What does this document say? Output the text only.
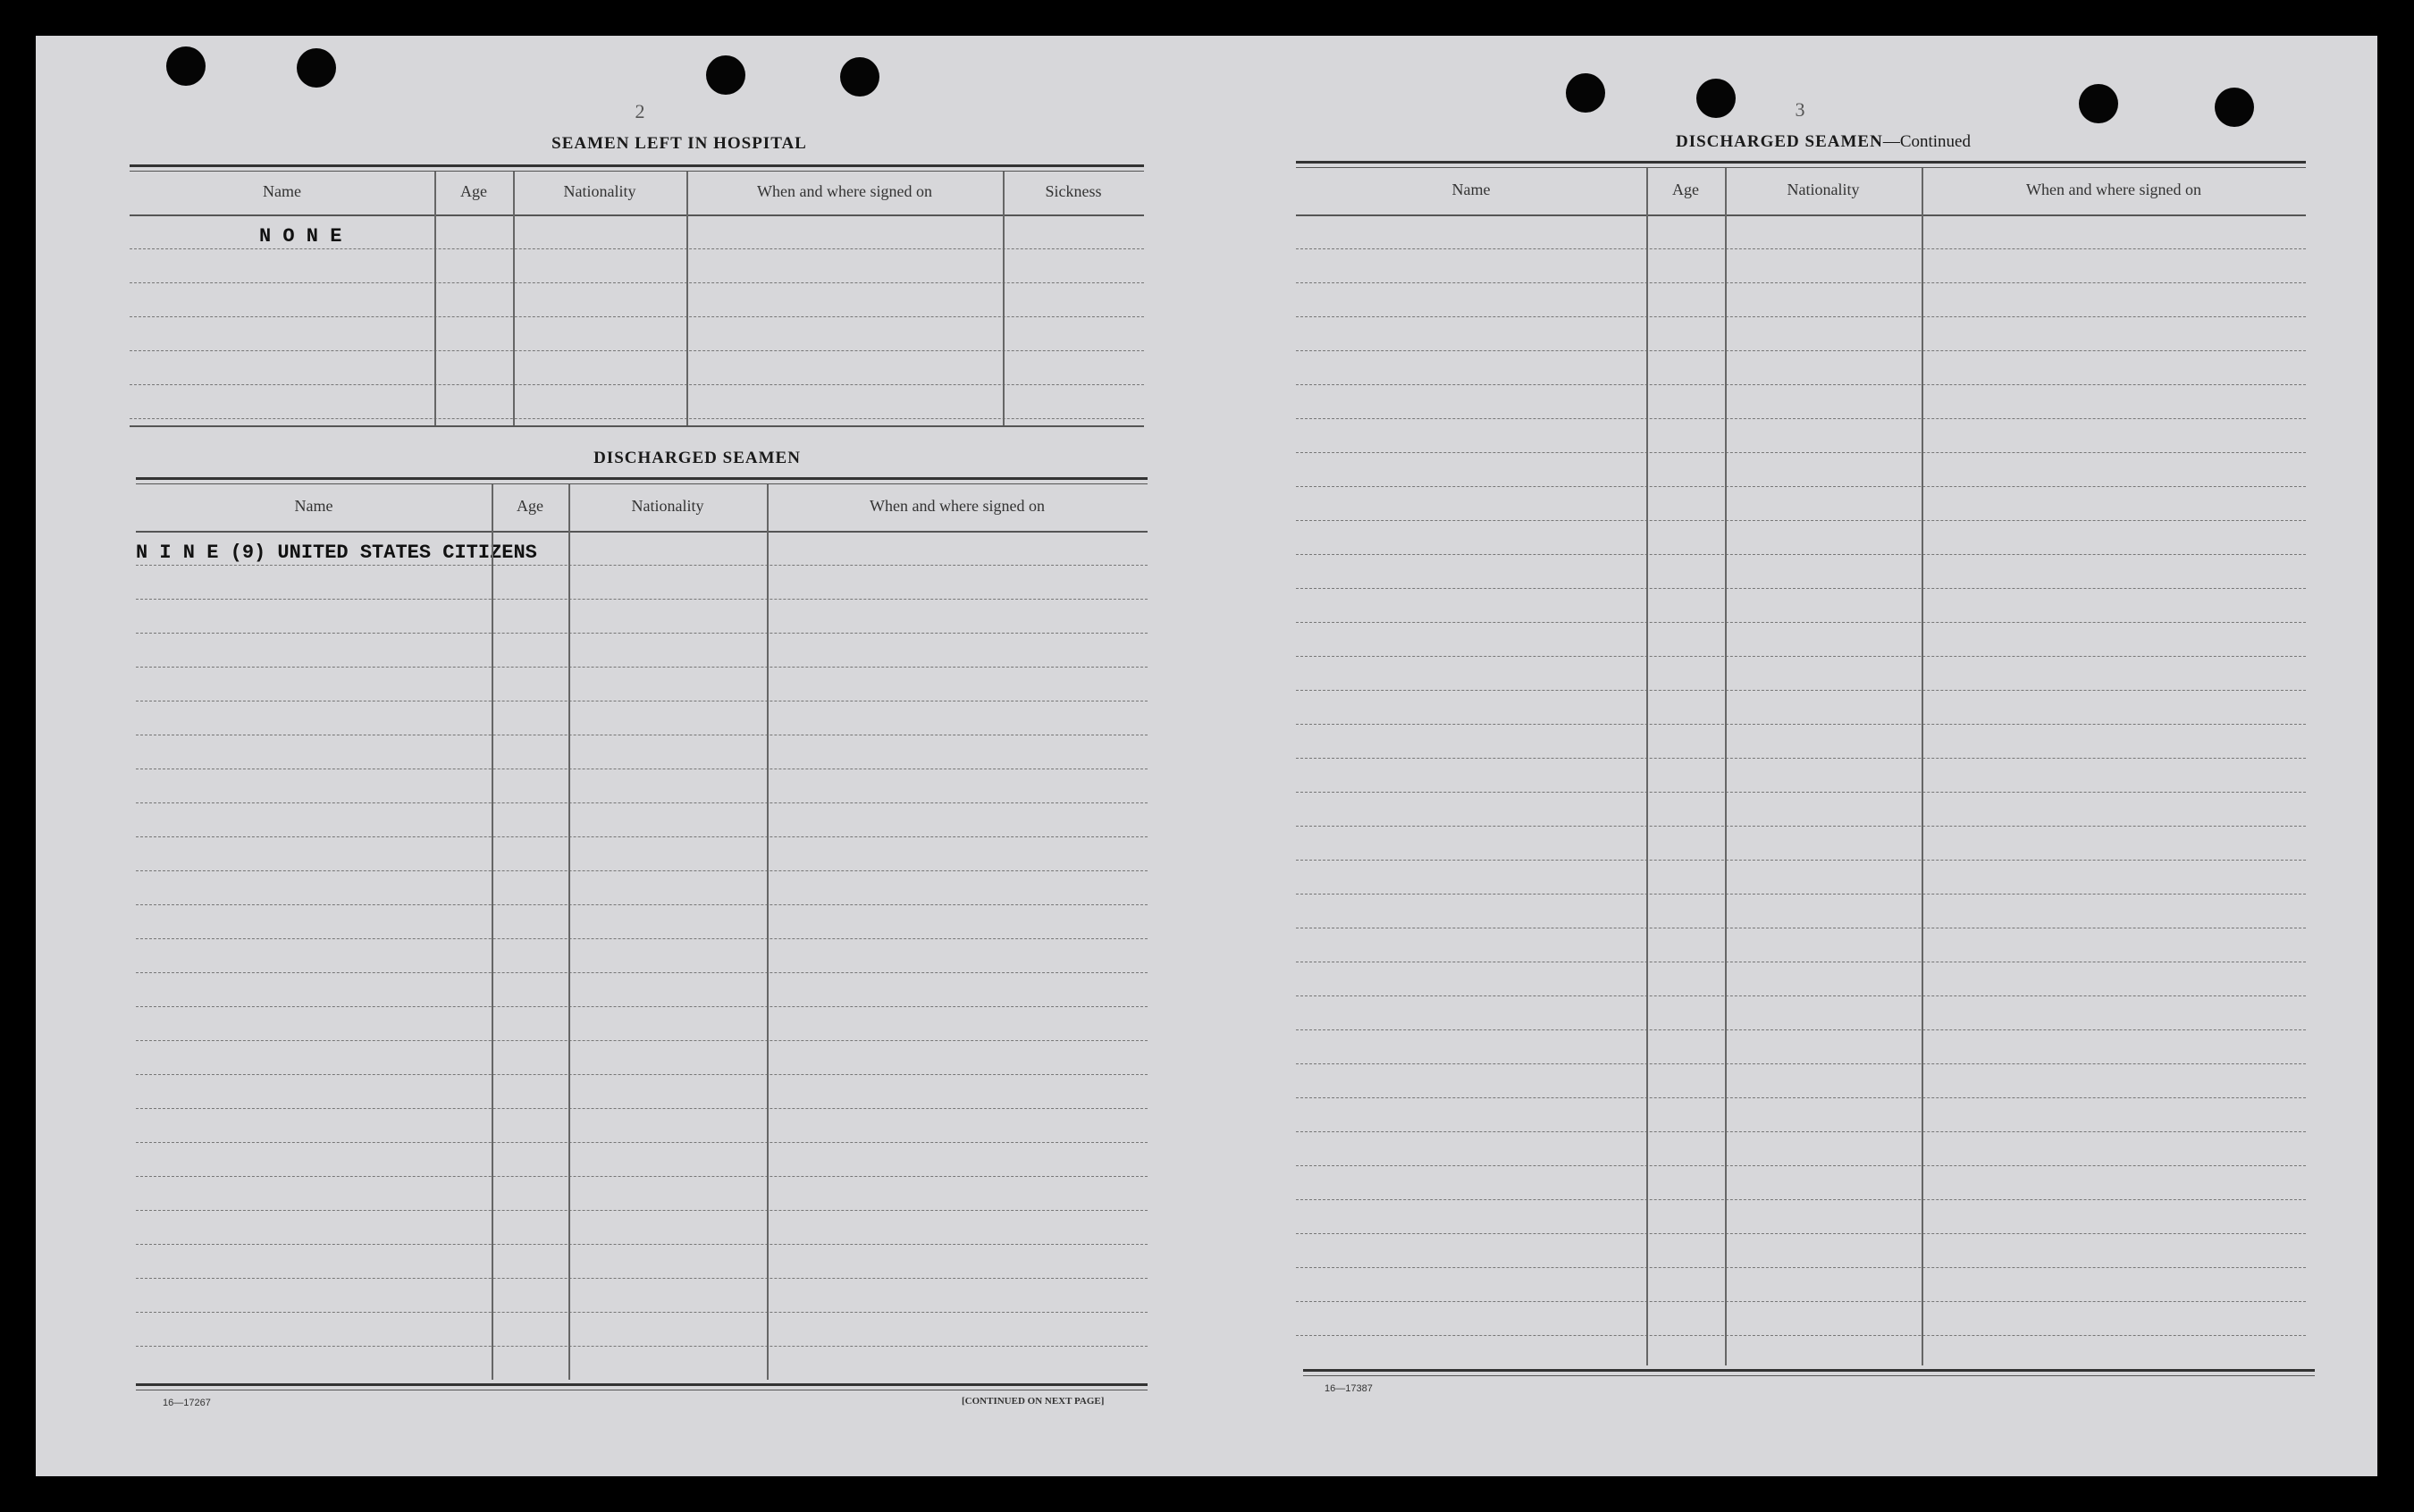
2
SEAMEN LEFT IN HOSPITAL
Name	Age	Nationality	When and where signed on	Sickness
N O N E
DISCHARGED SEAMEN
Name	Age	Nationality	When and where signed on
N I N E (9) UNITED STATES CITIZENS
16—17267	[CONTINUED ON NEXT PAGE]
3
DISCHARGED SEAMEN—Continued
Name	Age	Nationality	When and where signed on
16—17387
